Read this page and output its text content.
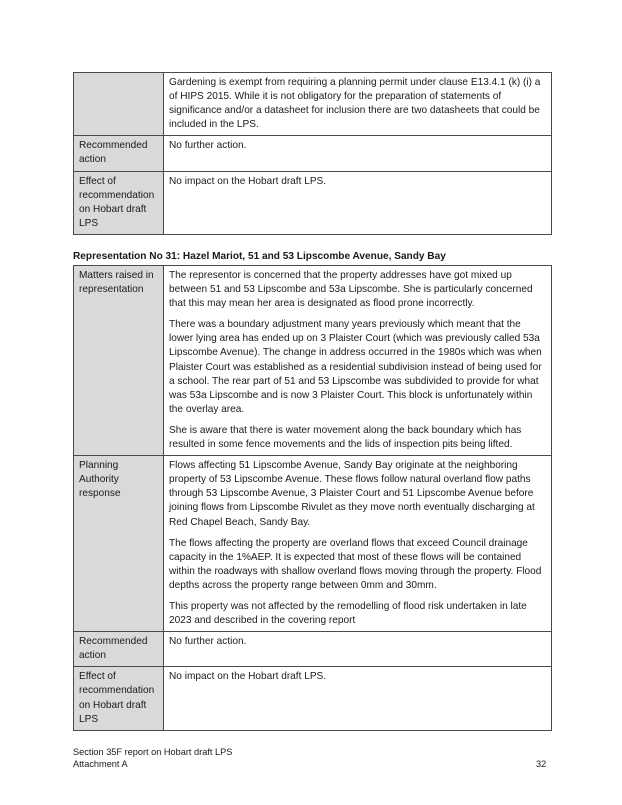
	Gardening is exempt from requiring a planning permit under clause E13.4.1 (k) (i) a of HIPS 2015. While it is not obligatory for the preparation of statements of significance and/or a datasheet for inclusion there are two datasheets that could be included in the LPS.

Recommended action	No further action.

Effect of recommendation on Hobart draft LPS	No impact on the Hobart draft LPS.

Representation No 31: Hazel Mariot, 51 and 53 Lipscombe Avenue, Sandy Bay
Matters raised in representation	The representor is concerned that the property addresses have got mixed up between 51 and 53 Lipscombe and 53a Lipscombe. She is particularly concerned that this may mean her area is designated as flood prone incorrectly.

There was a boundary adjustment many years previously which meant that the lower lying area has ended up on 3 Plaister Court (which was previously called 53a Lipscombe Avenue). The change in address occurred in the 1980s which was when Plaister Court was established as a residential subdivision instead of being used for a school. The rear part of 51 and 53 Lipscombe was subdivided to provide for what was 53a Lipscombe and is now 3 Plaister Court. This block is unfortunately within the overlay area.

She is aware that there is water movement along the back boundary which has resulted in some fence movements and the lids of inspection pits being lifted.

Planning Authority response	Flows affecting 51 Lipscombe Avenue, Sandy Bay originate at the neighboring property of 53 Lipscombe Avenue. These flows follow natural overland flow paths through 53 Lipscombe Avenue, 3 Plaister Court and 51 Lipscombe Avenue before joining flows from Lipscombe Rivulet as they move north eventually discharging at Red Chapel Beach, Sandy Bay.

The flows affecting the property are overland flows that exceed Council drainage capacity in the 1%AEP. It is expected that most of these flows will be contained within the roadways with shallow overland flows moving through the property. Flood depths across the property range between 0mm and 30mm.

This property was not affected by the remodelling of flood risk undertaken in late 2023 and described in the covering report

Recommended action	No further action.

Effect of recommendation on Hobart draft LPS	No impact on the Hobart draft LPS.

Section 35F report on Hobart draft LPS
Attachment A	32
